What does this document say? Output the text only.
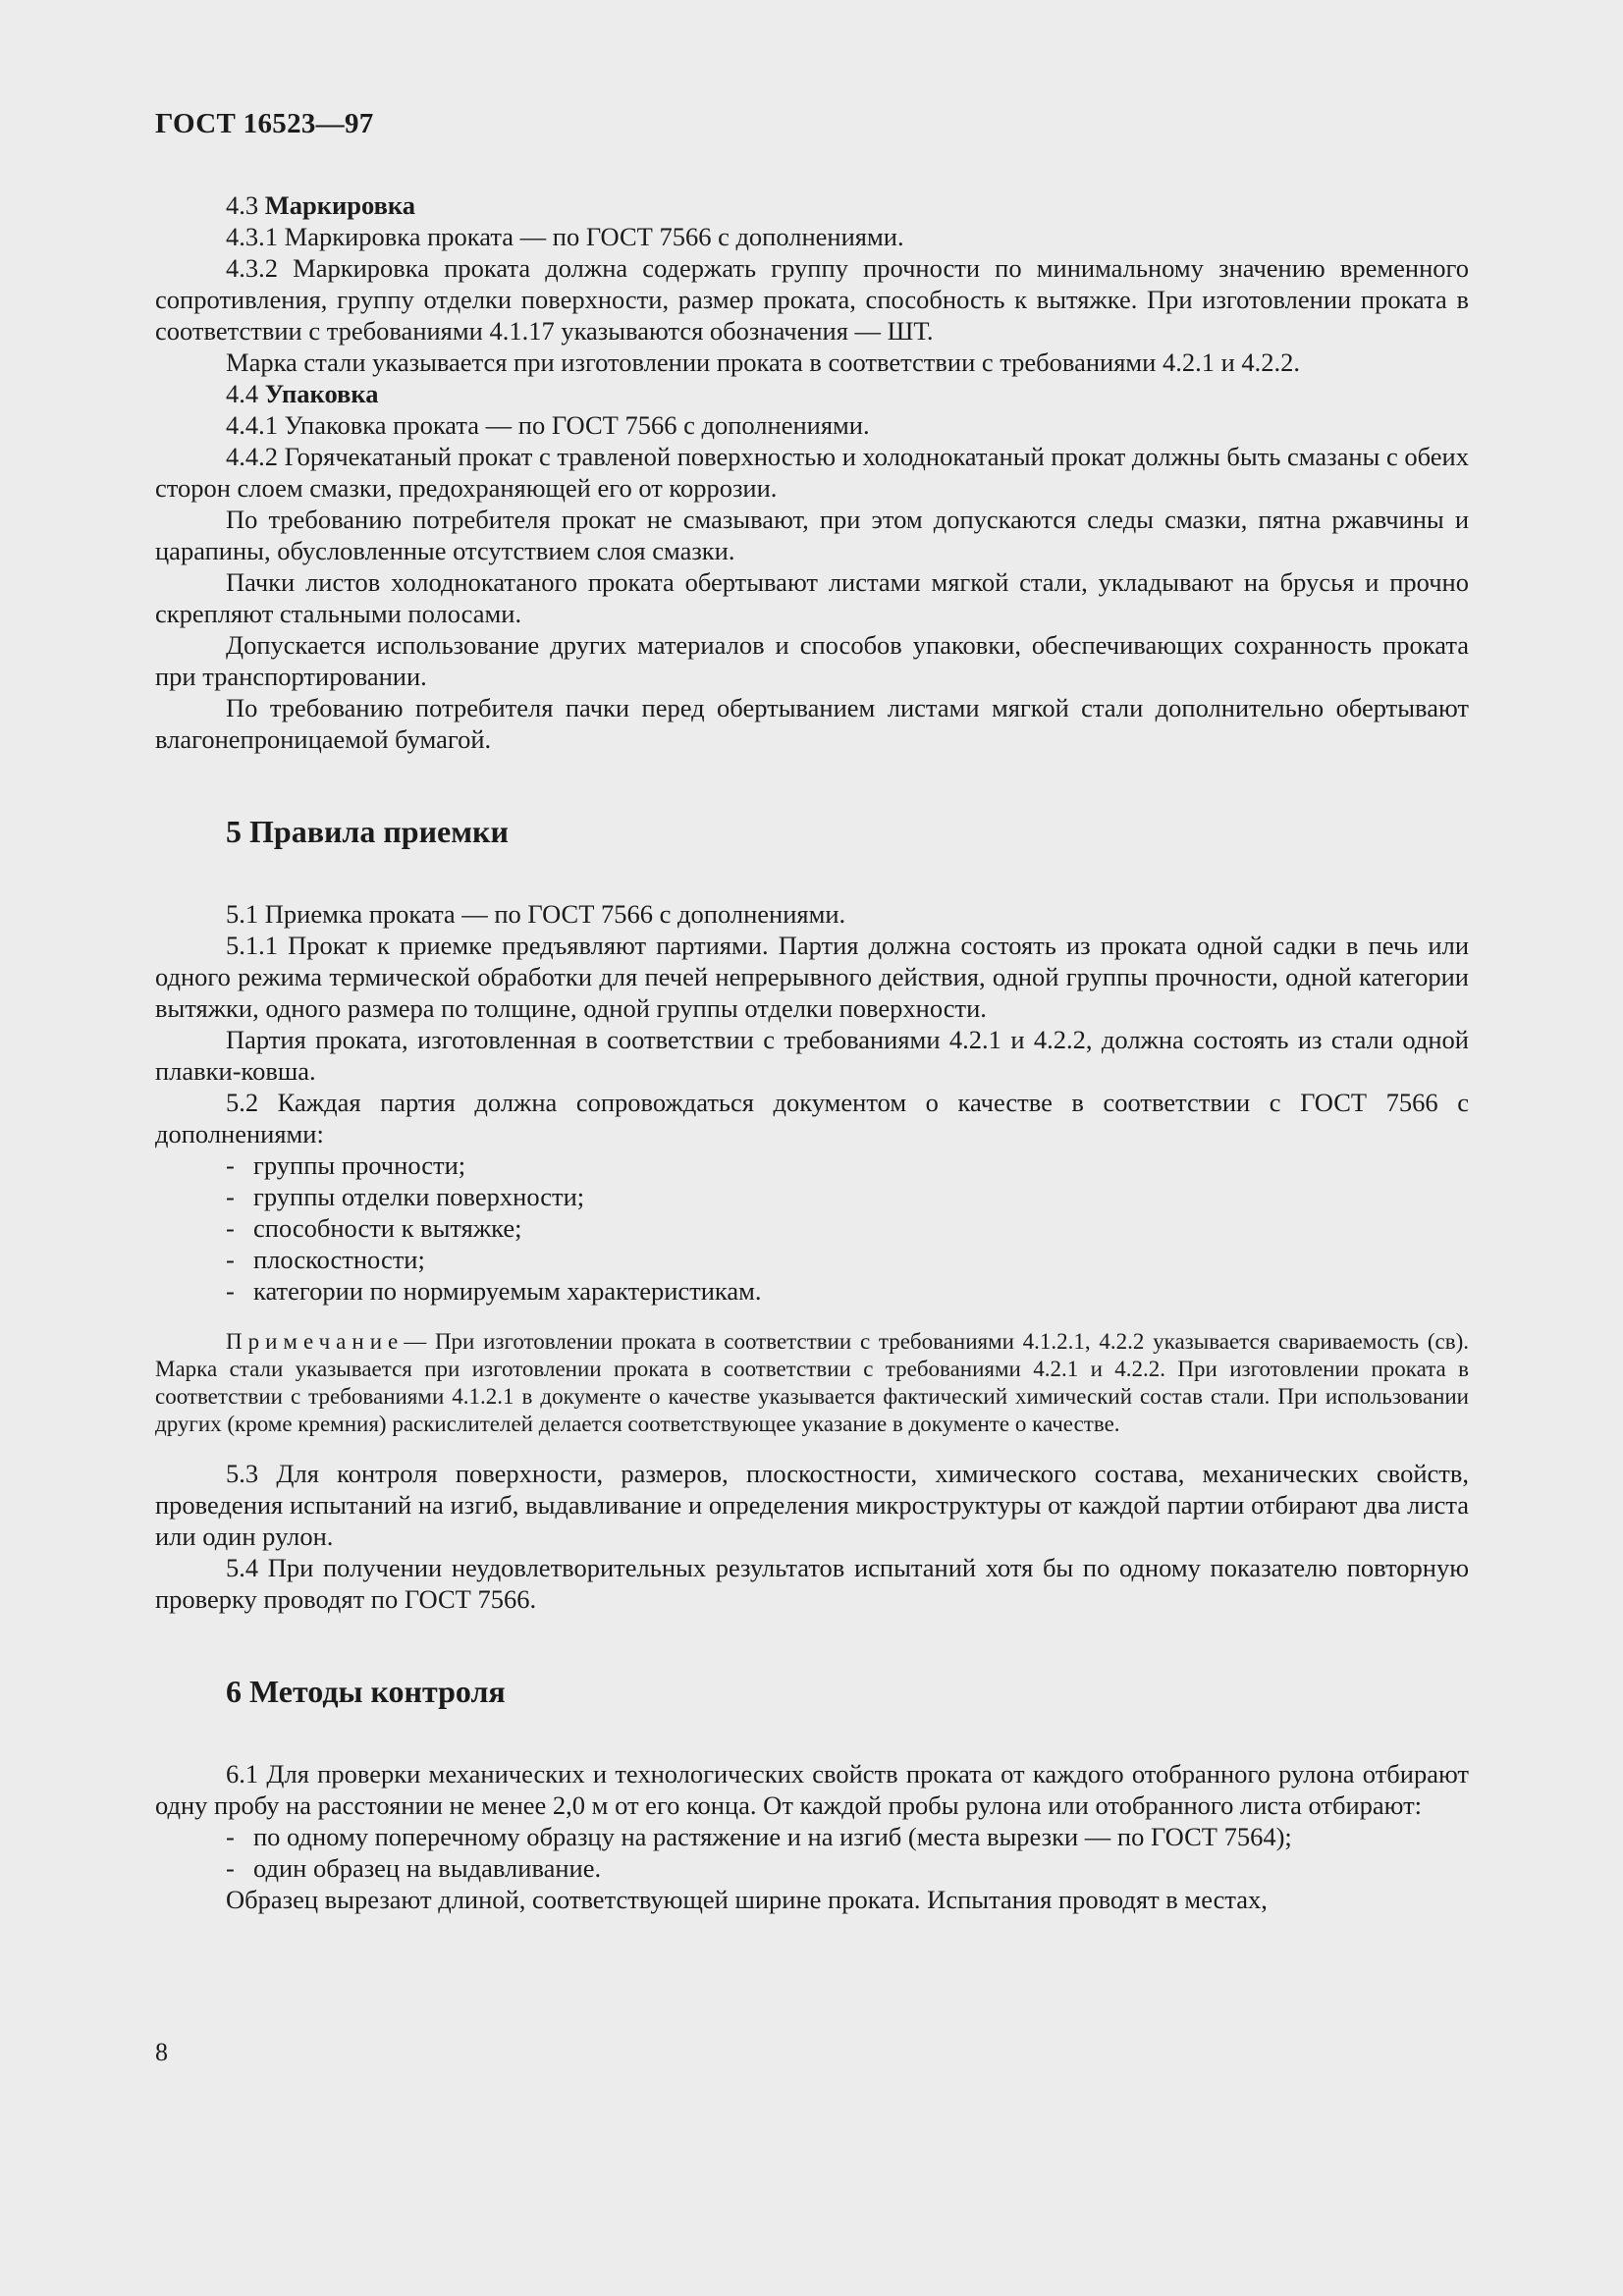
ГОСТ 16523—97

4.3 Маркировка

4.3.1 Маркировка проката — по ГОСТ 7566 с дополнениями.

4.3.2 Маркировка проката должна содержать группу прочности по минимальному значению временного сопротивления, группу отделки поверхности, размер проката, способность к вытяжке. При изготовлении проката в соответствии с требованиями 4.1.17 указываются обозначения — ШТ.

Марка стали указывается при изготовлении проката в соответствии с требованиями 4.2.1 и 4.2.2.

4.4 Упаковка

4.4.1 Упаковка проката — по ГОСТ 7566 с дополнениями.

4.4.2 Горячекатаный прокат с травленой поверхностью и холоднокатаный прокат должны быть смазаны с обеих сторон слоем смазки, предохраняющей его от коррозии.

По требованию потребителя прокат не смазывают, при этом допускаются следы смазки, пятна ржавчины и царапины, обусловленные отсутствием слоя смазки.

Пачки листов холоднокатаного проката обертывают листами мягкой стали, укладывают на брусья и прочно скрепляют стальными полосами.

Допускается использование других материалов и способов упаковки, обеспечивающих сохранность проката при транспортировании.

По требованию потребителя пачки перед обертыванием листами мягкой стали дополнительно обертывают влагонепроницаемой бумагой.

5 Правила приемки

5.1 Приемка проката — по ГОСТ 7566 с дополнениями.

5.1.1 Прокат к приемке предъявляют партиями. Партия должна состоять из проката одной садки в печь или одного режима термической обработки для печей непрерывного действия, одной группы прочности, одной категории вытяжки, одного размера по толщине, одной группы отделки поверхности.

Партия проката, изготовленная в соответствии с требованиями 4.2.1 и 4.2.2, должна состоять из стали одной плавки-ковша.

5.2 Каждая партия должна сопровождаться документом о качестве в соответствии с ГОСТ 7566 с дополнениями:

- группы прочности;
- группы отделки поверхности;
- способности к вытяжке;
- плоскостности;
- категории по нормируемым характеристикам.

Примечание— При изготовлении проката в соответствии с требованиями 4.1.2.1, 4.2.2 указывается свариваемость (св). Марка стали указывается при изготовлении проката в соответствии с требованиями 4.2.1 и 4.2.2. При изготовлении проката в соответствии с требованиями 4.1.2.1 в документе о качестве указывается фактический химический состав стали. При использовании других (кроме кремния) раскислителей делается соответствующее указание в документе о качестве.

5.3 Для контроля поверхности, размеров, плоскостности, химического состава, механических свойств, проведения испытаний на изгиб, выдавливание и определения микроструктуры от каждой партии отбирают два листа или один рулон.

5.4 При получении неудовлетворительных результатов испытаний хотя бы по одному показателю повторную проверку проводят по ГОСТ 7566.

6 Методы контроля

6.1 Для проверки механических и технологических свойств проката от каждого отобранного рулона отбирают одну пробу на расстоянии не менее 2,0 м от его конца. От каждой пробы рулона или отобранного листа отбирают:

- по одному поперечному образцу на растяжение и на изгиб (места вырезки — по ГОСТ 7564);
- один образец на выдавливание.

Образец вырезают длиной, соответствующей ширине проката. Испытания проводят в местах,

8
